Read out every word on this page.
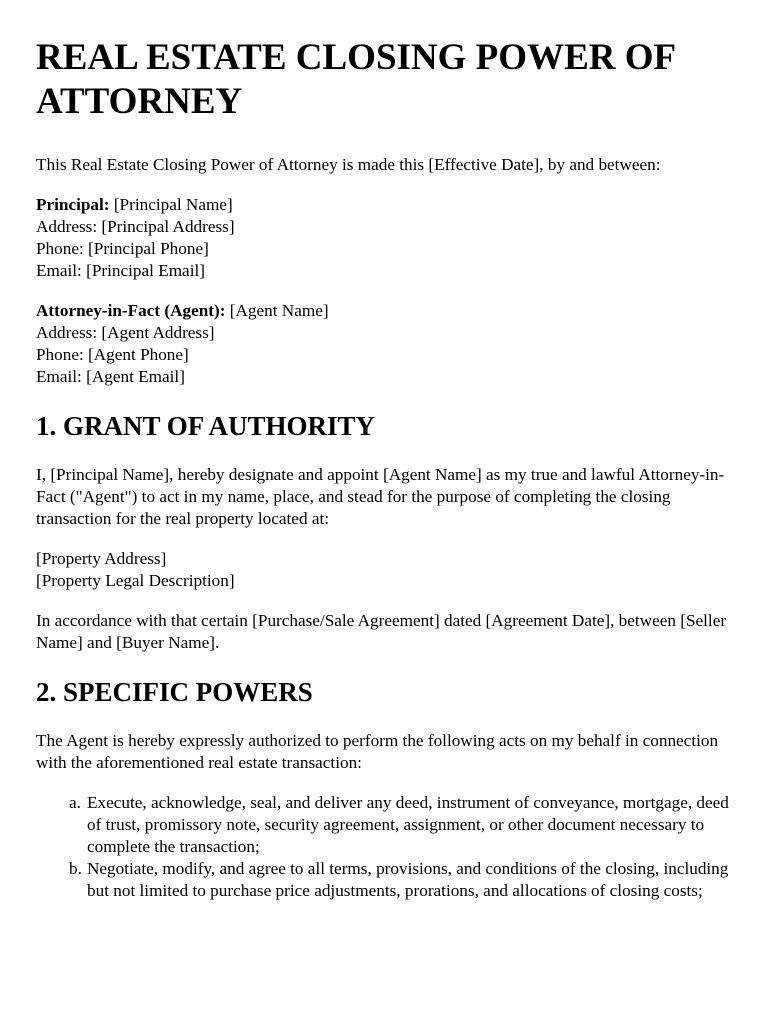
REAL ESTATE CLOSING POWER OF ATTORNEY

This Real Estate Closing Power of Attorney is made this [Effective Date], by and between:

Principal: [Principal Name]
Address: [Principal Address]
Phone: [Principal Phone]
Email: [Principal Email]
Attorney-in-Fact (Agent): [Agent Name]
Address: [Agent Address]
Phone: [Agent Phone]
Email: [Agent Email]
1. GRANT OF AUTHORITY

I, [Principal Name], hereby designate and appoint [Agent Name] as my true and lawful Attorney-in-Fact ("Agent") to act in my name, place, and stead for the purpose of completing the closing transaction for the real property located at:

[Property Address]
[Property Legal Description]

In accordance with that certain [Purchase/Sale Agreement] dated [Agreement Date], between [Seller Name] and [Buyer Name].

2. SPECIFIC POWERS

The Agent is hereby expressly authorized to perform the following acts on my behalf in connection with the aforementioned real estate transaction:

a. Execute, acknowledge, seal, and deliver any deed, instrument of conveyance, mortgage, deed of trust, promissory note, security agreement, assignment, or other document necessary to complete the transaction;
b. Negotiate, modify, and agree to all terms, provisions, and conditions of the closing, including but not limited to purchase price adjustments, prorations, and allocations of closing costs;
